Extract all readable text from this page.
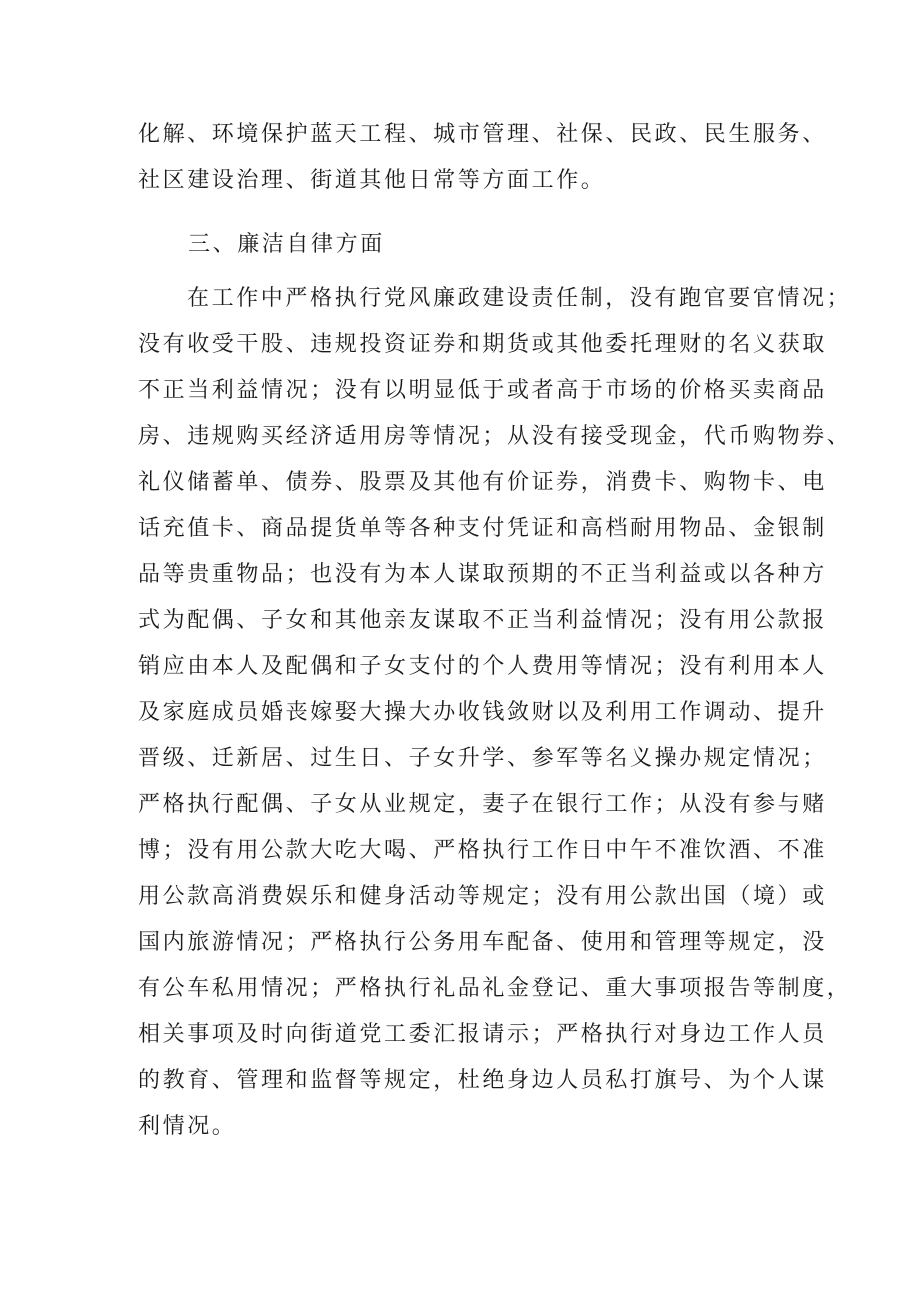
化解、环境保护蓝天工程、城市管理、社保、民政、民生服务、
社区建设治理、街道其他日常等方面工作。
三、廉洁自律方面
在工作中严格执行党风廉政建设责任制，没有跑官要官情况；
没有收受干股、违规投资证券和期货或其他委托理财的名义获取
不正当利益情况；没有以明显低于或者高于市场的价格买卖商品
房、违规购买经济适用房等情况；从没有接受现金，代币购物券、
礼仪储蓄单、债券、股票及其他有价证券，消费卡、购物卡、电
话充值卡、商品提货单等各种支付凭证和高档耐用物品、金银制
品等贵重物品；也没有为本人谋取预期的不正当利益或以各种方
式为配偶、子女和其他亲友谋取不正当利益情况；没有用公款报
销应由本人及配偶和子女支付的个人费用等情况；没有利用本人
及家庭成员婚丧嫁娶大操大办收钱敛财以及利用工作调动、提升
晋级、迁新居、过生日、子女升学、参军等名义操办规定情况；
严格执行配偶、子女从业规定，妻子在银行工作；从没有参与赌
博；没有用公款大吃大喝、严格执行工作日中午不准饮酒、不准
用公款高消费娱乐和健身活动等规定；没有用公款出国（境）或
国内旅游情况；严格执行公务用车配备、使用和管理等规定，没
有公车私用情况；严格执行礼品礼金登记、重大事项报告等制度，
相关事项及时向街道党工委汇报请示；严格执行对身边工作人员
的教育、管理和监督等规定，杜绝身边人员私打旗号、为个人谋
利情况。
